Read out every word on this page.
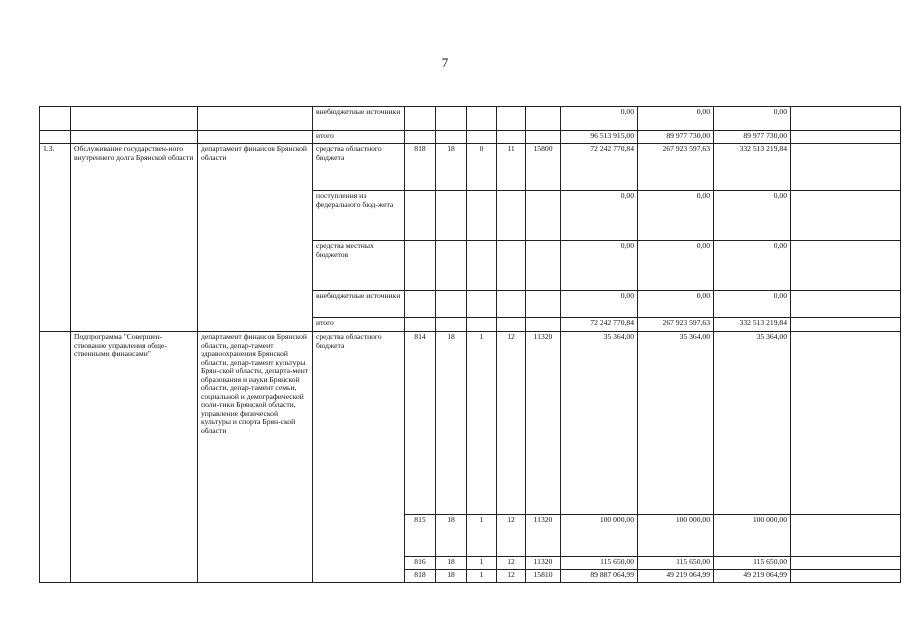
7
			внебюджетные источники						0,00	0,00	0,00	
			итого						96 513 915,00	89 977 730,00	89 977 730,00	
1.3.	Обслуживание государствен-ного внутреннего долга Брянской области	департамент финансов Брянской области	средства областного бюджета	818	18	0	11	15800	72 242 770,84	267 923 597,63	332 513 219,84	
			поступления из федерального бюд-жета						0,00	0,00	0,00	
			средства местных бюджетов						0,00	0,00	0,00	
			внебюджетные источники						0,00	0,00	0,00	
			итого						72 242 770,84	267 923 597,63	332 513 219,84	
	Подпрограмма "Совершен-ствование управления обще-ственными финансами"	департамент финансов Брянской области, депар-тамент здравоохранения Брянской области, депар-тамент культуры Брян-ской области, департа-мент образования и науки Брянской области, депар-тамент семьи, социальной и демографической поли-тики Брянской области, управление физической культуры и спорта Брян-ской области	средства областного бюджета	814	18	1	12	11320	35 364,00	35 364,00	35 364,00	
				815	18	1	12	11320	100 000,00	100 000,00	100 000,00	
				816	18	1	12	11320	115 650,00	115 650,00	115 650,00	
				818	18	1	12	15810	89 887 064,99	49 219 064,99	49 219 064,99	
